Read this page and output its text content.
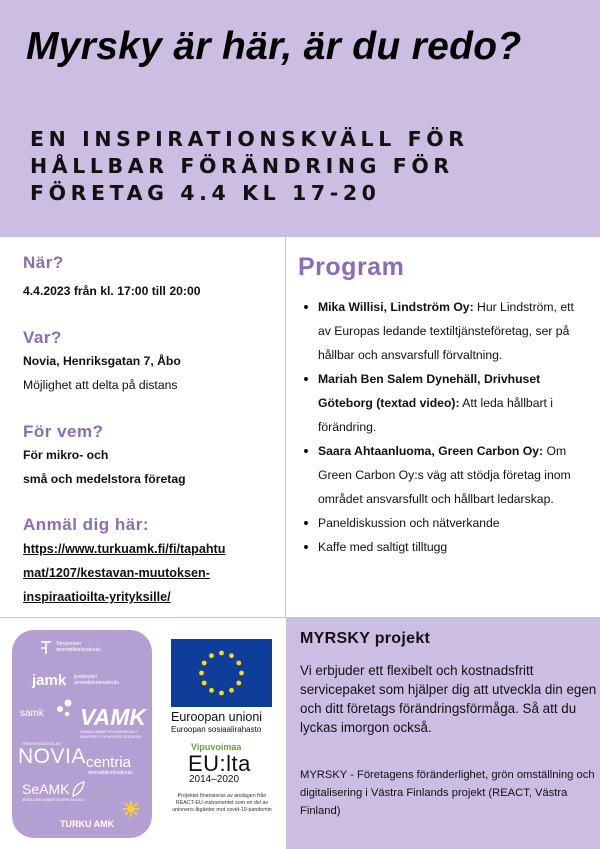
Myrsky är här, är du redo?
EN INSPIRATIONSKVÄLL FÖR HÅLLBAR FÖRÄNDRING FÖR FÖRETAG 4.4 KL 17-20
När?
4.4.2023 från kl. 17:00 till 20:00
Var?
Novia, Henriksgatan 7, Åbo
Möjlighet att delta på distans
För vem?
För mikro- och
små och medelstora företag
Anmäl dig här:
https://www.turkuamk.fi/fi/tapahtu
mat/1207/kestavan-muutoksen-
inspiraatioilta-yrityksille/
Program
Mika Willisi, Lindström Oy: Hur Lindström, ett av Europas ledande textiltjänsteföretag, ser på hållbar och ansvarsfull förvaltning.
Mariah Ben Salem Dynehäll, Drivhuset Göteborg (textad video): Att leda hållbart i förändring.
Saara Ahtaanluoma, Green Carbon Oy: Om Green Carbon Oy:s väg att stödja företag inom området ansvarsfullt och hållbart ledarskap.
Paneldiskussion och nätverkande
Kaffe med saltigt tilltugg
Tampereen ammattikorkeakoulu
jamk jyväskylän ammattikorkeakoulu
samk VAMK
VAASAN AMMATTIKORKEAKOULU UNIVERSITY OF APPLIED SCIENCES
YRKESHÖGSKOLAN
NOVIA centria
ammattikorkeakoulu
SeAMK
SEINÄJOEN AMMATTIKORKEAKOULU
TURKU AMK
Euroopan unioni
Euroopan sosiaalirahasto
Vipuvoimaa
EU:lta
2014–2020
Projektet finansieras av anslagen från REACT-EU-instrumentet som en del av unionens åtgärder mot covid-19-pandemin
MYRSKY projekt
Vi erbjuder ett flexibelt och kostnadsfritt servicepaket som hjälper dig att utveckla din egen och ditt företags förändringsförmåga. Så att du lyckas imorgon också.
MYRSKY - Företagens föränderlighet, grön omställning och digitalisering i Västra Finlands projekt (REACT, Västra Finland)
